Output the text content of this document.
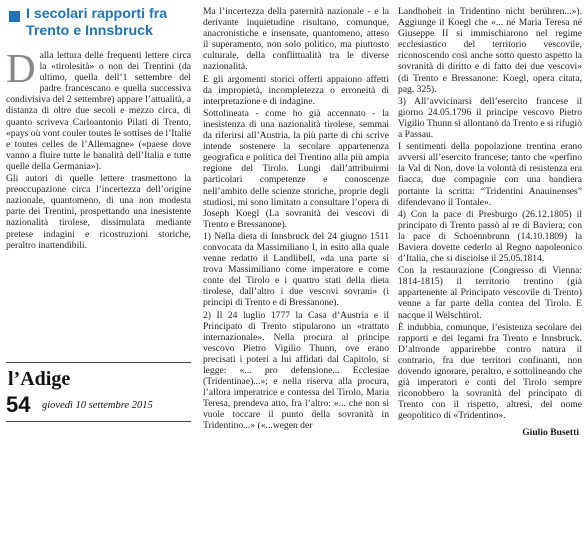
I secolari rapporti fra Trento e Innsbruck

Dalla lettura delle frequenti lettere circa la «tirolesità» o non dei Trentini (da ultimo, quella dell’1 settembre del padre francescano e quella successiva condivisiva del 2 settembre) appare l’attualità, a distanza di oltre due secoli e mezzo circa, di quanto scriveva Carloantonio Pilati di Trento, «pays où vont couler toutes le sottises de l’Italie e toutes celles de l’Allemagne» («paese dove vanno a fluire tutte le banalità dell’Italia e tutte quelle della Germania»).

Gli autori di quelle lettere trasmettono la preoccupazione circa l’incertezza dell’origine nazionale, quantomeno, di una non modesta parte dei Trentini, prospettando una inesistente nazionalità tirolese, dissimulata mediante pretese indagini e ricostruzioni storiche, peraltro inattendibili.

l’Adige
54 giovedì 10 settembre 2015

Ma l’incertezza della paternità nazionale - e la derivante inquietudine risultano, comunque, anacronistiche e insensate, quantomeno, atteso il superamento, non solo politico, ma piuttosto culturale, della conflittualità tra le diverse nazionalità.

E gli argomenti storici offerti appaiono affetti da impropietà, incompletezza o erroneità di interpretazione e di indagine.

Sottolineata - come ho già accennato - la inesistenza di una nazionalità tirolese, semmai da riferirsi all’Austria, la più parte di chi scrive intende sostenere la secolare appartenenza geografica e politica del Trentino alla più ampia regione del Tirolo. Lungi dall’attribuirmi particolari competenze e conoscenze nell’ambito delle scienze storiche, proprie degli studiosi, mi sono limitato a consultare l’opera di Joseph Koegl (La sovranità dei vescovi di Trento e Bressanone).

1) Nella dieta di Innsbruck del 24 giugno 1511 convocata da Massimiliano I, in esito alla quale venne redatto il Landlibell, «da una parte si trova Massimiliano come imperatore e come conte del Tirolo e i quattro stati della dieta tirolese, dall’altro i due vescovi sovrani» (i principi di Trento e di Bressanone).

2) Il 24 luglio 1777 la Casa d’Austria e il Principato di Trento stipularono un «trattato internazionale». Nella procura al principe vescovo Pietro Vigilio Thunn, ove erano precisati i poteri a lui affidati dal Capitolo, si legge: «... pro defensione... Ecclesiae (Tridentinae)...»; e nella riserva alla procura, l’allora imperatrice e contessa del Tirolo, Maria Teresa, prendeva atto, fra l’altro: «... che non si vuole toccare il punto della sovranità in Tridentino...» («...wegen der

Landhoheit in Tridentino nicht berühren...»). Aggiunge il Koegl che «... né Maria Teresa né Giuseppe II si immischiarono nel regime ecclesiastico del territorio vescovile, riconoscendo così anche sotto questo aspetto la sovranità di diritto e di fatto dei due vescovi» (di Trento e Bressanone: Koegl, opera citata, pag. 325).

3) All’avvicinarsi dell’esercito francese il giorno 24.05.1796 il principe vescovo Pietro Vigilio Thunn si allontanò da Trento e si rifugiò a Passau.

I sentimenti della popolazione trentina erano avversi all’esercito francese; tanto che «perfino la Val di Non, dove la volontà di resistenza era fiacca, due compagnie con una bandiera portante la scritta: “Tridentini Anauinenses” difendevano il Tontale».

4) Con la pace di Presburgo (26.12.1805) il principato di Trento passò al re di Baviera; con la pace di Schoennbrunn (14.10.1809) la Baviera dovette cederlo al Regno napoleonico d’Italia, che si disciolse il 25.05.1814.

Con la restaurazione (Congresso di Vienna: 1814-1815) il territorio trentino (già appartenente al Principato vescovile di Trento) venne a far parte della contea del Tirolo. E nacque il Welschtirol.

È indubbia, comunque, l’esistenza secolare dei rapporti e dei legami fra Trento e Innsbruck. D’altronde apparirebbe contro natura il contrario, fra due territori confinanti, non dovendo ignorare, peraltro, e sottolineando che già imperatori e conti del Tirolo sempre riconobbero la sovranità del principato di Trento con il rispetto, altresì, del nome geopolitico di «Tridentino».

Giulio Busetti
